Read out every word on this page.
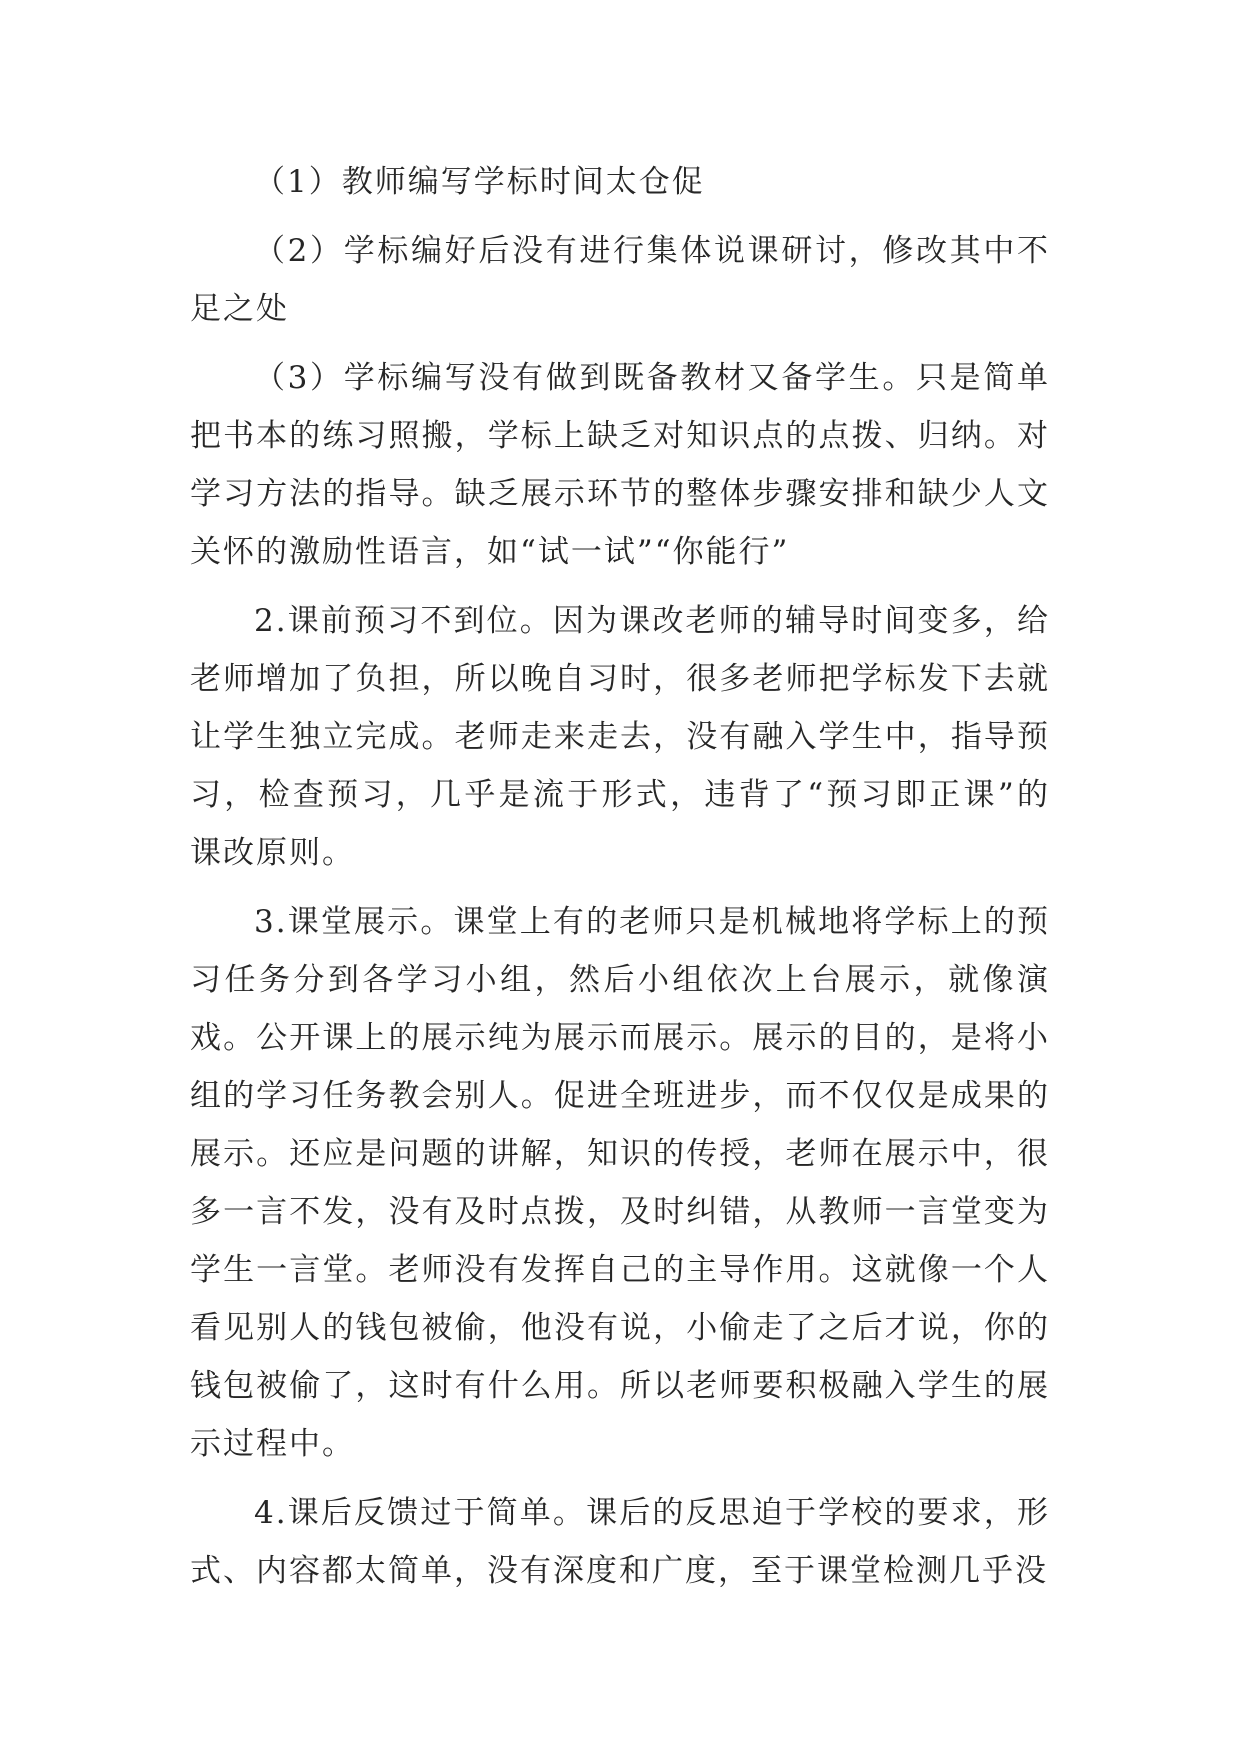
（1）教师编写学标时间太仓促

（2）学标编好后没有进行集体说课研讨，修改其中不足之处

（3）学标编写没有做到既备教材又备学生。只是简单把书本的练习照搬，学标上缺乏对知识点的点拨、归纳。对学习方法的指导。缺乏展示环节的整体步骤安排和缺少人文关怀的激励性语言，如“试一试”“你能行”

2.课前预习不到位。因为课改老师的辅导时间变多，给老师增加了负担，所以晚自习时，很多老师把学标发下去就让学生独立完成。老师走来走去，没有融入学生中，指导预习，检查预习，几乎是流于形式，违背了“预习即正课”的课改原则。

3.课堂展示。课堂上有的老师只是机械地将学标上的预习任务分到各学习小组，然后小组依次上台展示，就像演戏。公开课上的展示纯为展示而展示。展示的目的，是将小组的学习任务教会别人。促进全班进步，而不仅仅是成果的展示。还应是问题的讲解，知识的传授，老师在展示中，很多一言不发，没有及时点拨，及时纠错，从教师一言堂变为学生一言堂。老师没有发挥自己的主导作用。这就像一个人看见别人的钱包被偷，他没有说，小偷走了之后才说，你的钱包被偷了，这时有什么用。所以老师要积极融入学生的展示过程中。

4.课后反馈过于简单。课后的反思迫于学校的要求，形式、内容都太简单，没有深度和广度，至于课堂检测几乎没
